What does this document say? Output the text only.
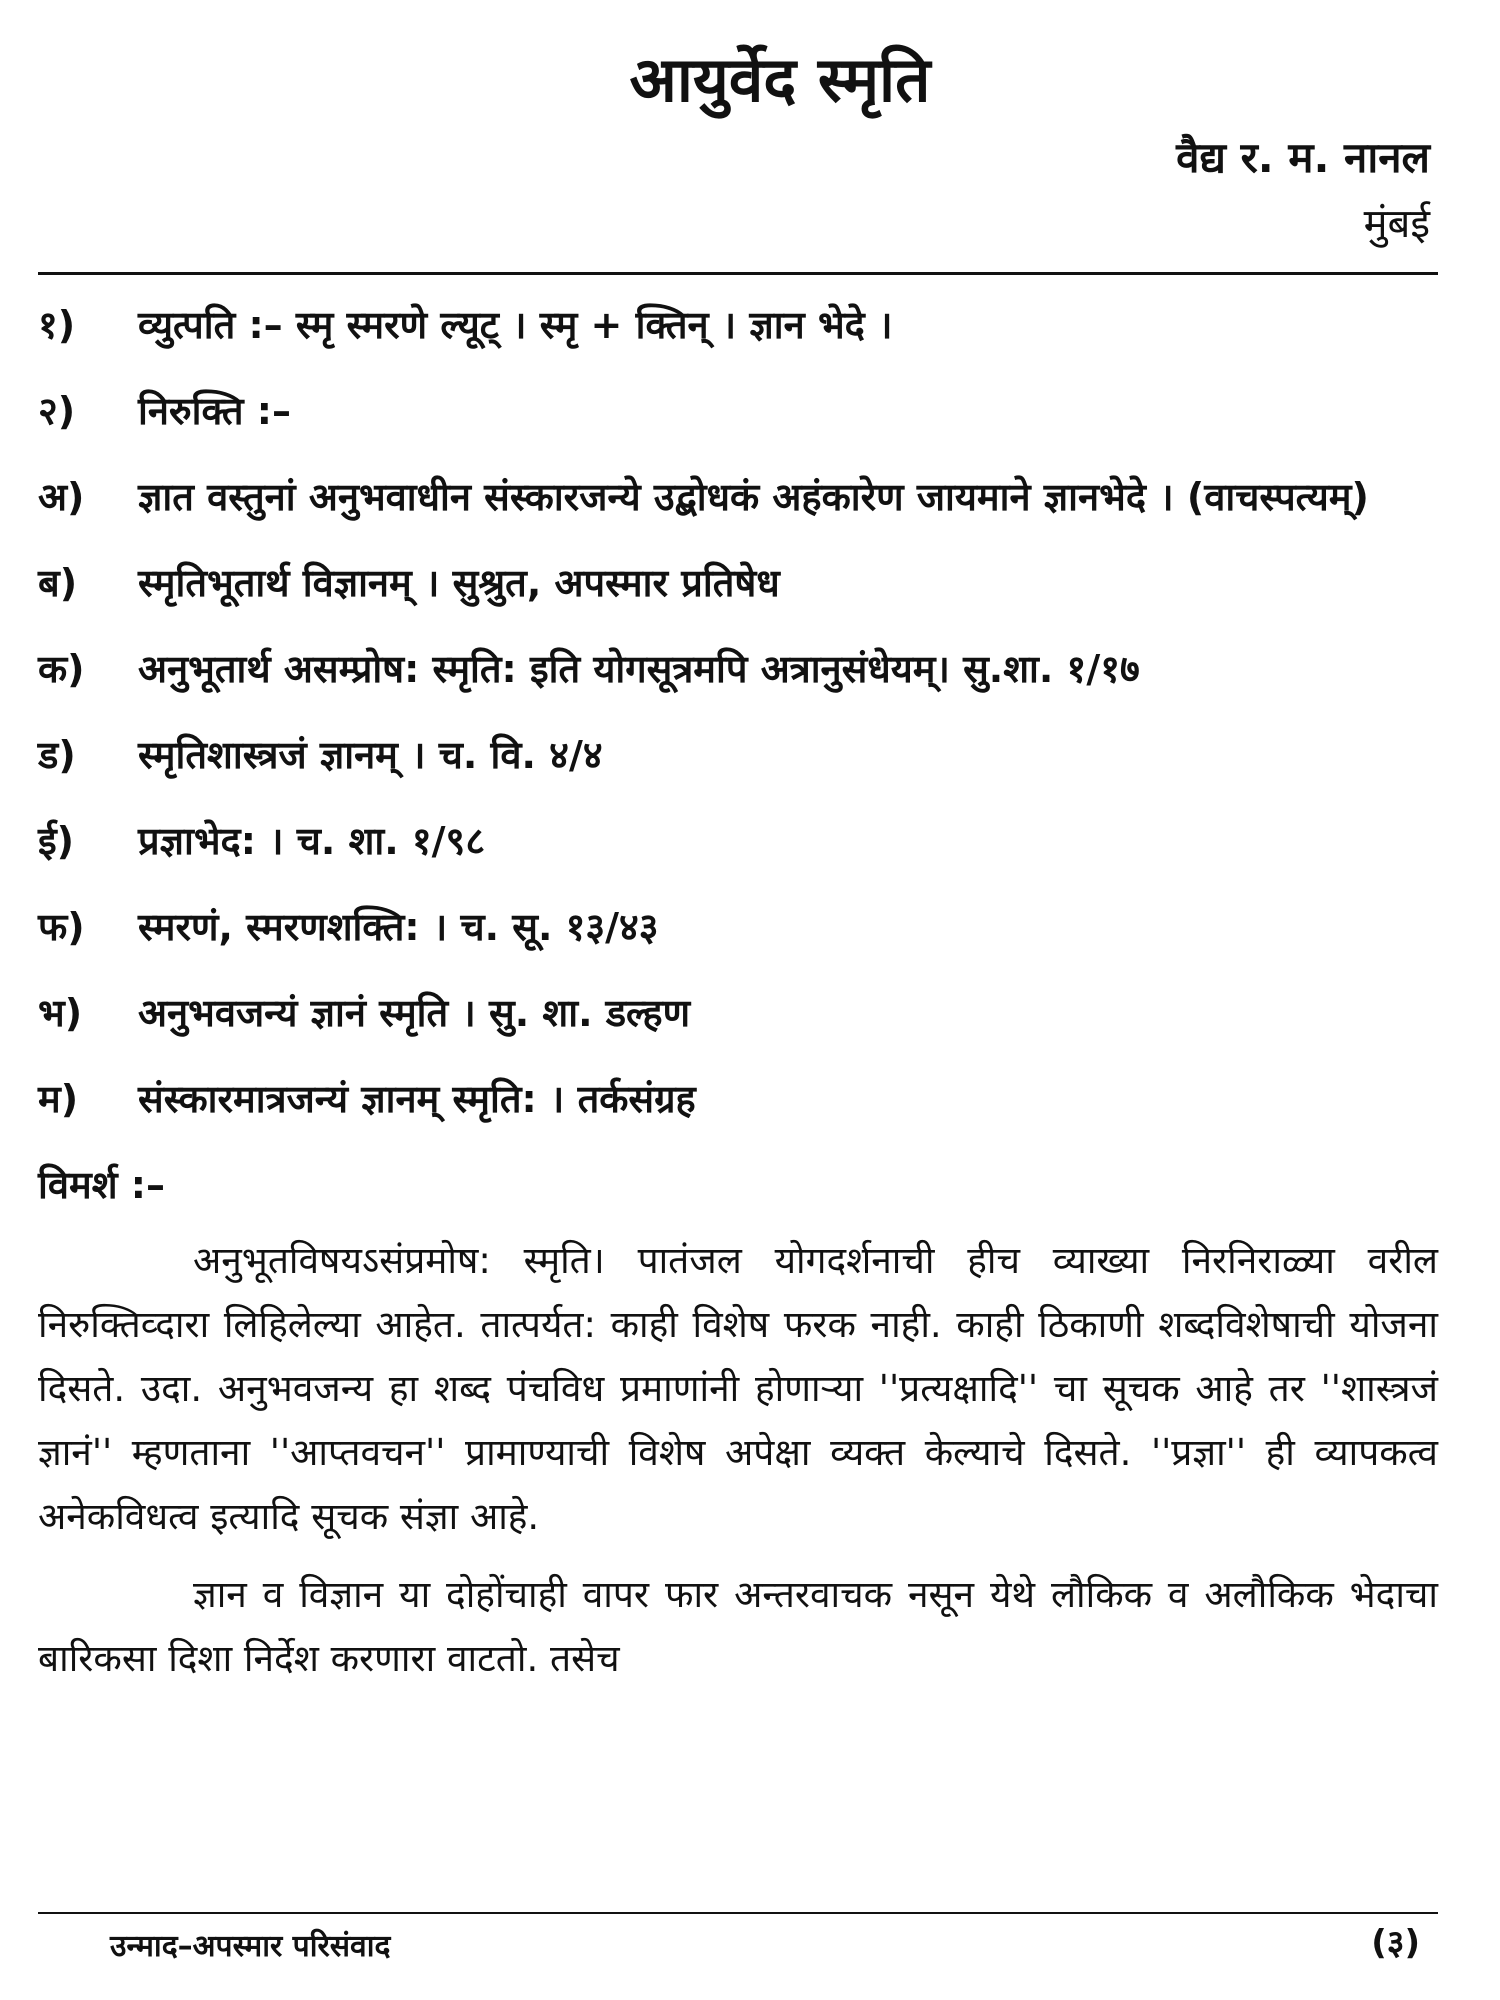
आयुर्वेद स्मृति
वैद्य र. म. नानल
मुंबई
१)	व्युत्पति :– स्मृ स्मरणे ल्यूट् । स्मृ + क्तिन् । ज्ञान भेदे ।
२)	निरुक्ति :–
अ)	ज्ञात वस्तुनां अनुभवाधीन संस्कारजन्ये उद्बोधकं अहंकारेण जायमाने ज्ञानभेदे । (वाचस्पत्यम्)
ब)	स्मृतिभूतार्थ विज्ञानम् । सुश्रुत, अपस्मार प्रतिषेध
क)	अनुभूतार्थ असम्प्रोष: स्मृति: इति योगसूत्रमपि अत्रानुसंधेयम्। सु.शा. १/१७
ड)	स्मृतिशास्त्रजं ज्ञानम् । च. वि. ४/४
ई)	प्रज्ञाभेद: । च. शा. १/९८
फ)	स्मरणं, स्मरणशक्ति: । च. सू. १३/४३
भ)	अनुभवजन्यं ज्ञानं स्मृति । सु. शा. डल्हण
म)	संस्कारमात्रजन्यं ज्ञानम् स्मृति: । तर्कसंग्रह
विमर्श :–

अनुभूतविषयऽसंप्रमोष: स्मृति। पातंजल योगदर्शनाची हीच व्याख्या निरनिराळ्या वरील निरुक्तिव्दारा लिहिलेल्या आहेत. तात्पर्यत: काही विशेष फरक नाही. काही ठिकाणी शब्दविशेषाची योजना दिसते. उदा. अनुभवजन्य हा शब्द पंचविध प्रमाणांनी होणाऱ्या ''प्रत्यक्षादि'' चा सूचक आहे तर ''शास्त्रजं ज्ञानं'' म्हणताना ''आप्तवचन'' प्रामाण्याची विशेष अपेक्षा व्यक्त केल्याचे दिसते. ''प्रज्ञा'' ही व्यापकत्व अनेकविधत्व इत्यादि सूचक संज्ञा आहे.

ज्ञान व विज्ञान या दोहोंचाही वापर फार अन्तरवाचक नसून येथे लौकिक व अलौकिक भेदाचा बारिकसा दिशा निर्देश करणारा वाटतो. तसेच

उन्माद–अपस्मार परिसंवाद	(३)
